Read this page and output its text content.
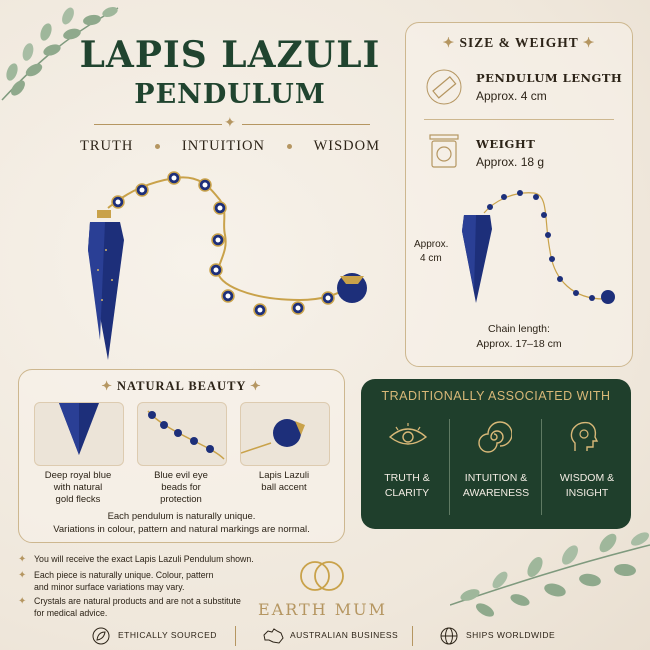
LAPIS LAZULI
PENDULUM
✦
TRUTH	INTUITION	WISDOM
✦ SIZE & WEIGHT ✦
PENDULUM LENGTH
Approx. 4 cm
WEIGHT
Approx. 18 g
Approx.
4 cm
Chain length:
Approx. 17–18 cm
✦ NATURAL BEAUTY ✦
Deep royal blue
with natural
gold flecks
Blue evil eye
beads for
protection
Lapis Lazuli
ball accent
Each pendulum is naturally unique.
Variations in colour, pattern and natural markings are normal.
TRADITIONALLY ASSOCIATED WITH
TRUTH &
CLARITY
INTUITION &
AWARENESS
WISDOM &
INSIGHT
✦ You will receive the exact Lapis Lazuli Pendulum shown.
✦ Each piece is naturally unique. Colour, pattern
and minor surface variations may vary.
✦ Crystals are natural products and are not a substitute
for medical advice.	EARTH MUM
ETHICALLY SOURCED	AUSTRALIAN BUSINESS	SHIPS WORLDWIDE
